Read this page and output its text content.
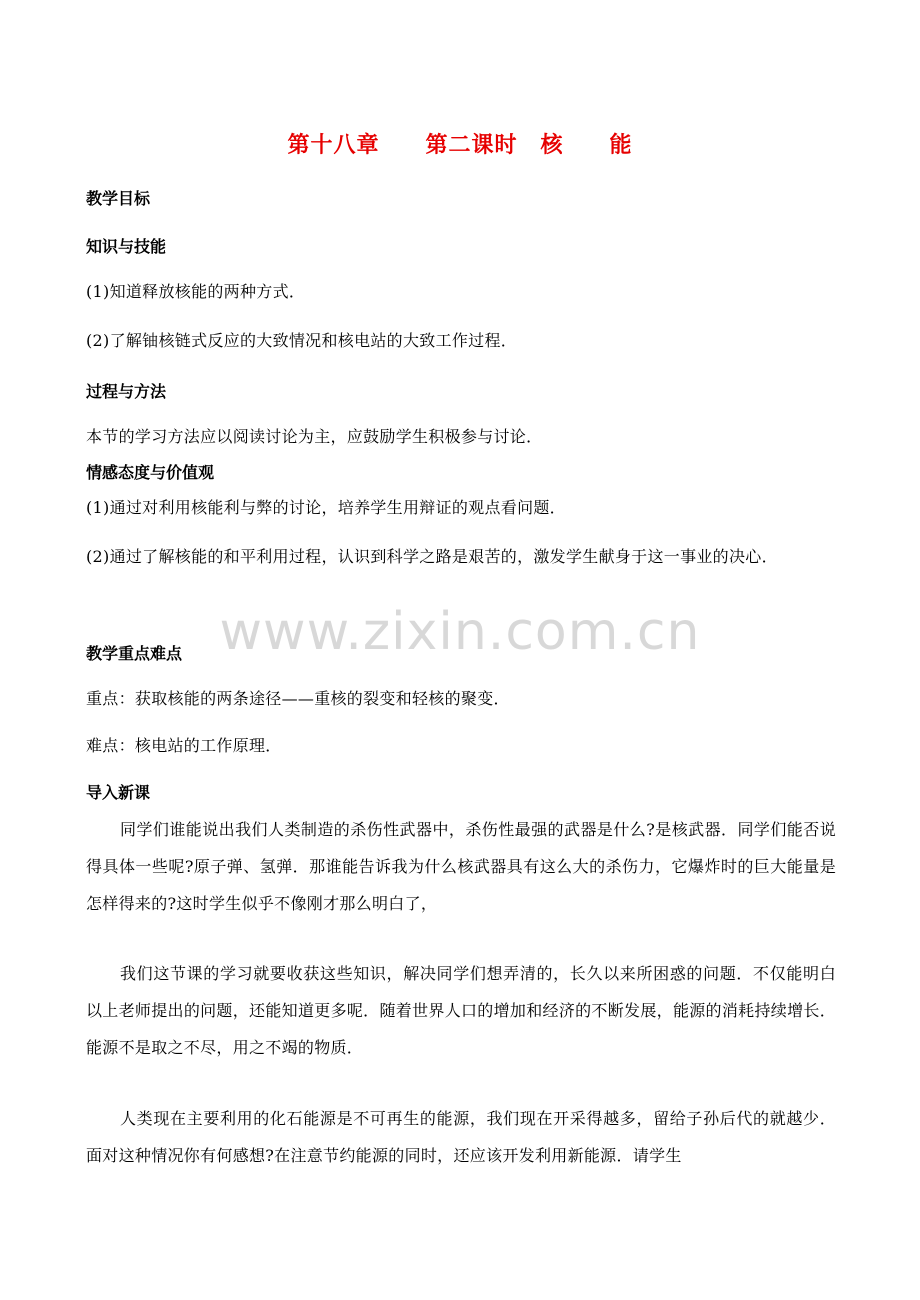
www.zixin.com.cn
第十八章　　第二课时　核　　能
教学目标
知识与技能
(1)知道释放核能的两种方式．
(2)了解铀核链式反应的大致情况和核电站的大致工作过程．
过程与方法
本节的学习方法应以阅读讨论为主，应鼓励学生积极参与讨论．
情感态度与价值观
(1)通过对利用核能利与弊的讨论，培养学生用辩证的观点看问题．
(2)通过了解核能的和平利用过程，认识到科学之路是艰苦的，激发学生献身于这一事业的决心．
教学重点难点
重点：获取核能的两条途径——重核的裂变和轻核的聚变．
难点：核电站的工作原理．
导入新课
同学们谁能说出我们人类制造的杀伤性武器中，杀伤性最强的武器是什么?是核武器．同学们能否说得具体一些呢?原子弹、氢弹．那谁能告诉我为什么核武器具有这么大的杀伤力，它爆炸时的巨大能量是怎样得来的?这时学生似乎不像刚才那么明白了，
我们这节课的学习就要收获这些知识，解决同学们想弄清的，长久以来所困惑的问题．不仅能明白以上老师提出的问题，还能知道更多呢．随着世界人口的增加和经济的不断发展，能源的消耗持续增长．能源不是取之不尽，用之不竭的物质．
人类现在主要利用的化石能源是不可再生的能源，我们现在开采得越多，留给子孙后代的就越少．面对这种情况你有何感想?在注意节约能源的同时，还应该开发利用新能源．请学生
